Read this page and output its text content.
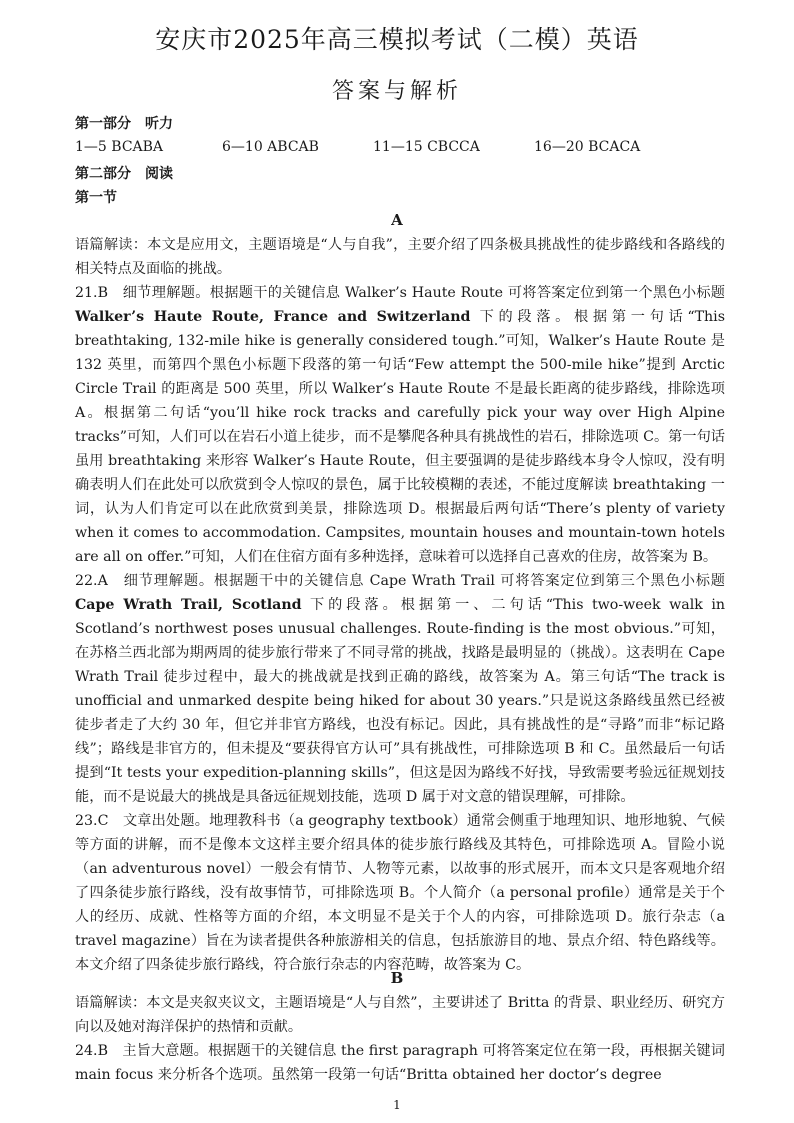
安庆市2025年高三模拟考试（二模）英语
答案与解析
第一部分　听力
1—5 BCABA	6—10 ABCAB	11—15 CBCCA	16—20 BCACA
第二部分　阅读
第一节
A

语篇解读：本文是应用文，主题语境是“人与自我”，主要介绍了四条极具挑战性的徒步路线和各路线的相关特点及面临的挑战。

21.B　细节理解题。根据题干的关键信息 Walker’s Haute Route 可将答案定位到第一个黑色小标题 Walker’s Haute Route, France and Switzerland 下的段落。根据第一句话“This breathtaking, 132-mile hike is generally considered tough.”可知，Walker’s Haute Route 是 132 英里，而第四个黑色小标题下段落的第一句话“Few attempt the 500-mile hike”提到 Arctic Circle Trail 的距离是 500 英里，所以 Walker’s Haute Route 不是最长距离的徒步路线，排除选项 A。根据第二句话“you’ll hike rock tracks and carefully pick your way over High Alpine tracks”可知，人们可以在岩石小道上徒步，而不是攀爬各种具有挑战性的岩石，排除选项 C。第一句话虽用 breathtaking 来形容 Walker’s Haute Route，但主要强调的是徒步路线本身令人惊叹，没有明确表明人们在此处可以欣赏到令人惊叹的景色，属于比较模糊的表述，不能过度解读 breathtaking 一词，认为人们肯定可以在此欣赏到美景，排除选项 D。根据最后两句话“There’s plenty of variety when it comes to accommodation. Campsites, mountain houses and mountain-town hotels are all on offer.”可知，人们在住宿方面有多种选择，意味着可以选择自己喜欢的住房，故答案为 B。

22.A　细节理解题。根据题干中的关键信息 Cape Wrath Trail 可将答案定位到第三个黑色小标题 Cape Wrath Trail, Scotland 下的段落。根据第一、二句话“This two-week walk in Scotland’s northwest poses unusual challenges. Route-finding is the most obvious.”可知，在苏格兰西北部为期两周的徒步旅行带来了不同寻常的挑战，找路是最明显的（挑战）。这表明在 Cape Wrath Trail 徒步过程中，最大的挑战就是找到正确的路线，故答案为 A。第三句话“The track is unofficial and unmarked despite being hiked for about 30 years.”只是说这条路线虽然已经被徒步者走了大约 30 年，但它并非官方路线，也没有标记。因此，具有挑战性的是“寻路”而非“标记路线”；路线是非官方的，但未提及“要获得官方认可”具有挑战性，可排除选项 B 和 C。虽然最后一句话提到“It tests your expedition-planning skills”，但这是因为路线不好找，导致需要考验远征规划技能，而不是说最大的挑战是具备远征规划技能，选项 D 属于对文意的错误理解，可排除。

23.C　文章出处题。地理教科书（a geography textbook）通常会侧重于地理知识、地形地貌、气候等方面的讲解，而不是像本文这样主要介绍具体的徒步旅行路线及其特色，可排除选项 A。冒险小说（an adventurous novel）一般会有情节、人物等元素，以故事的形式展开，而本文只是客观地介绍了四条徒步旅行路线，没有故事情节，可排除选项 B。个人简介（a personal profile）通常是关于个人的经历、成就、性格等方面的介绍，本文明显不是关于个人的内容，可排除选项 D。旅行杂志（a travel magazine）旨在为读者提供各种旅游相关的信息，包括旅游目的地、景点介绍、特色路线等。本文介绍了四条徒步旅行路线，符合旅行杂志的内容范畴，故答案为 C。

B

语篇解读：本文是夹叙夹议文，主题语境是“人与自然”，主要讲述了 Britta 的背景、职业经历、研究方向以及她对海洋保护的热情和贡献。

24.B　主旨大意题。根据题干的关键信息 the first paragraph 可将答案定位在第一段，再根据关键词 main focus 来分析各个选项。虽然第一段第一句话“Britta obtained her doctor’s degree

1
